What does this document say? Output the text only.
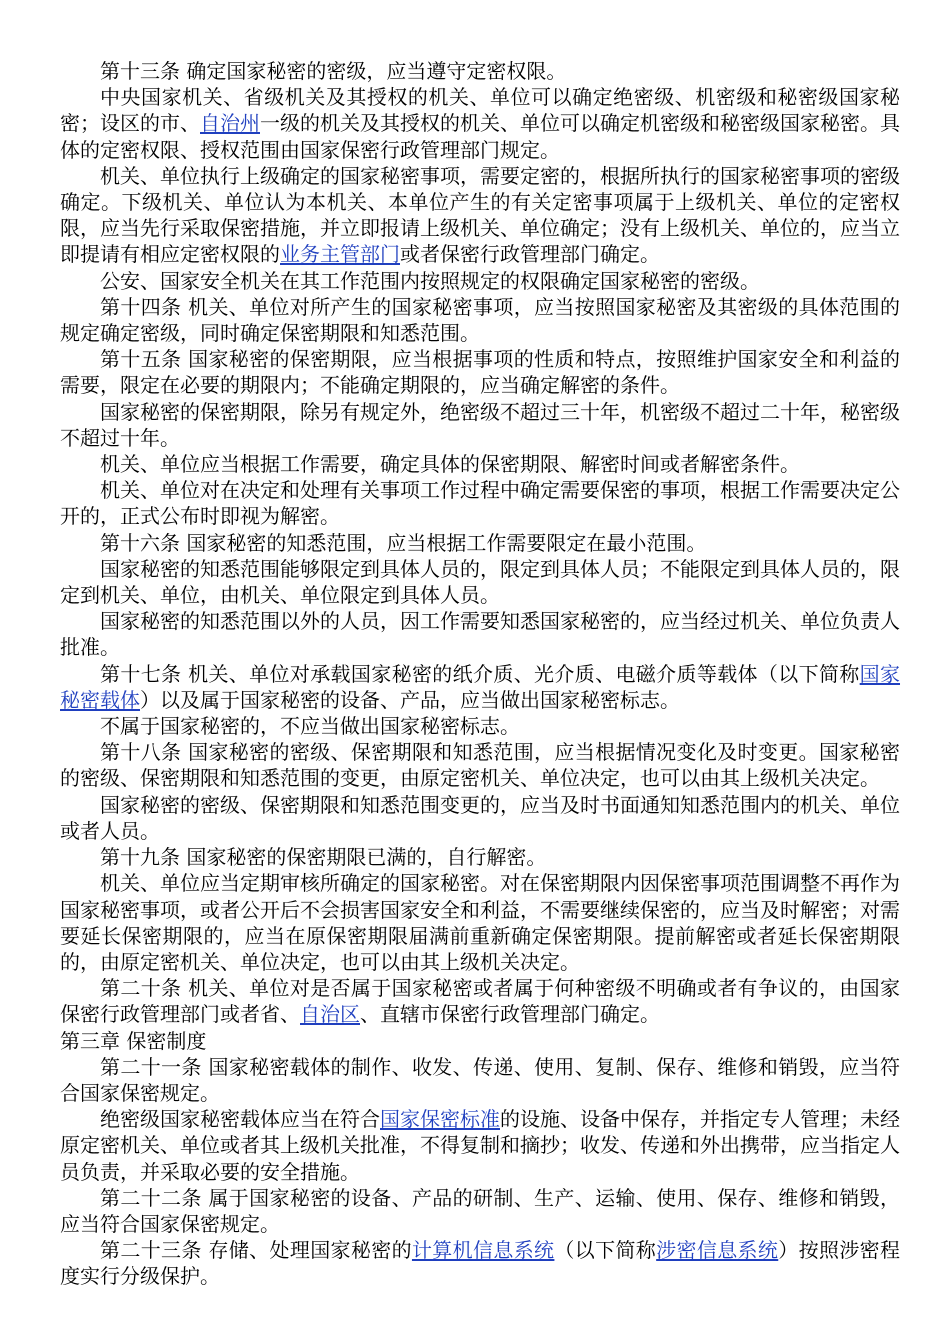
第十三条 确定国家秘密的密级，应当遵守定密权限。

中央国家机关、省级机关及其授权的机关、单位可以确定绝密级、机密级和秘密级国家秘密；设区的市、自治州一级的机关及其授权的机关、单位可以确定机密级和秘密级国家秘密。具体的定密权限、授权范围由国家保密行政管理部门规定。

机关、单位执行上级确定的国家秘密事项，需要定密的，根据所执行的国家秘密事项的密级确定。下级机关、单位认为本机关、本单位产生的有关定密事项属于上级机关、单位的定密权限，应当先行采取保密措施，并立即报请上级机关、单位确定；没有上级机关、单位的，应当立即提请有相应定密权限的业务主管部门或者保密行政管理部门确定。

公安、国家安全机关在其工作范围内按照规定的权限确定国家秘密的密级。

第十四条 机关、单位对所产生的国家秘密事项，应当按照国家秘密及其密级的具体范围的规定确定密级，同时确定保密期限和知悉范围。

第十五条 国家秘密的保密期限，应当根据事项的性质和特点，按照维护国家安全和利益的需要，限定在必要的期限内；不能确定期限的，应当确定解密的条件。

国家秘密的保密期限，除另有规定外，绝密级不超过三十年，机密级不超过二十年，秘密级不超过十年。

机关、单位应当根据工作需要，确定具体的保密期限、解密时间或者解密条件。

机关、单位对在决定和处理有关事项工作过程中确定需要保密的事项，根据工作需要决定公开的，正式公布时即视为解密。

第十六条 国家秘密的知悉范围，应当根据工作需要限定在最小范围。

国家秘密的知悉范围能够限定到具体人员的，限定到具体人员；不能限定到具体人员的，限定到机关、单位，由机关、单位限定到具体人员。

国家秘密的知悉范围以外的人员，因工作需要知悉国家秘密的，应当经过机关、单位负责人批准。

第十七条 机关、单位对承载国家秘密的纸介质、光介质、电磁介质等载体（以下简称国家秘密载体）以及属于国家秘密的设备、产品，应当做出国家秘密标志。

不属于国家秘密的，不应当做出国家秘密标志。

第十八条 国家秘密的密级、保密期限和知悉范围，应当根据情况变化及时变更。国家秘密的密级、保密期限和知悉范围的变更，由原定密机关、单位决定，也可以由其上级机关决定。

国家秘密的密级、保密期限和知悉范围变更的，应当及时书面通知知悉范围内的机关、单位或者人员。

第十九条 国家秘密的保密期限已满的，自行解密。

机关、单位应当定期审核所确定的国家秘密。对在保密期限内因保密事项范围调整不再作为国家秘密事项，或者公开后不会损害国家安全和利益，不需要继续保密的，应当及时解密；对需要延长保密期限的，应当在原保密期限届满前重新确定保密期限。提前解密或者延长保密期限的，由原定密机关、单位决定，也可以由其上级机关决定。

第二十条 机关、单位对是否属于国家秘密或者属于何种密级不明确或者有争议的，由国家保密行政管理部门或者省、自治区、直辖市保密行政管理部门确定。

第三章 保密制度

第二十一条 国家秘密载体的制作、收发、传递、使用、复制、保存、维修和销毁，应当符合国家保密规定。

绝密级国家秘密载体应当在符合国家保密标准的设施、设备中保存，并指定专人管理；未经原定密机关、单位或者其上级机关批准，不得复制和摘抄；收发、传递和外出携带，应当指定人员负责，并采取必要的安全措施。

第二十二条 属于国家秘密的设备、产品的研制、生产、运输、使用、保存、维修和销毁，应当符合国家保密规定。

第二十三条 存储、处理国家秘密的计算机信息系统（以下简称涉密信息系统）按照涉密程度实行分级保护。
